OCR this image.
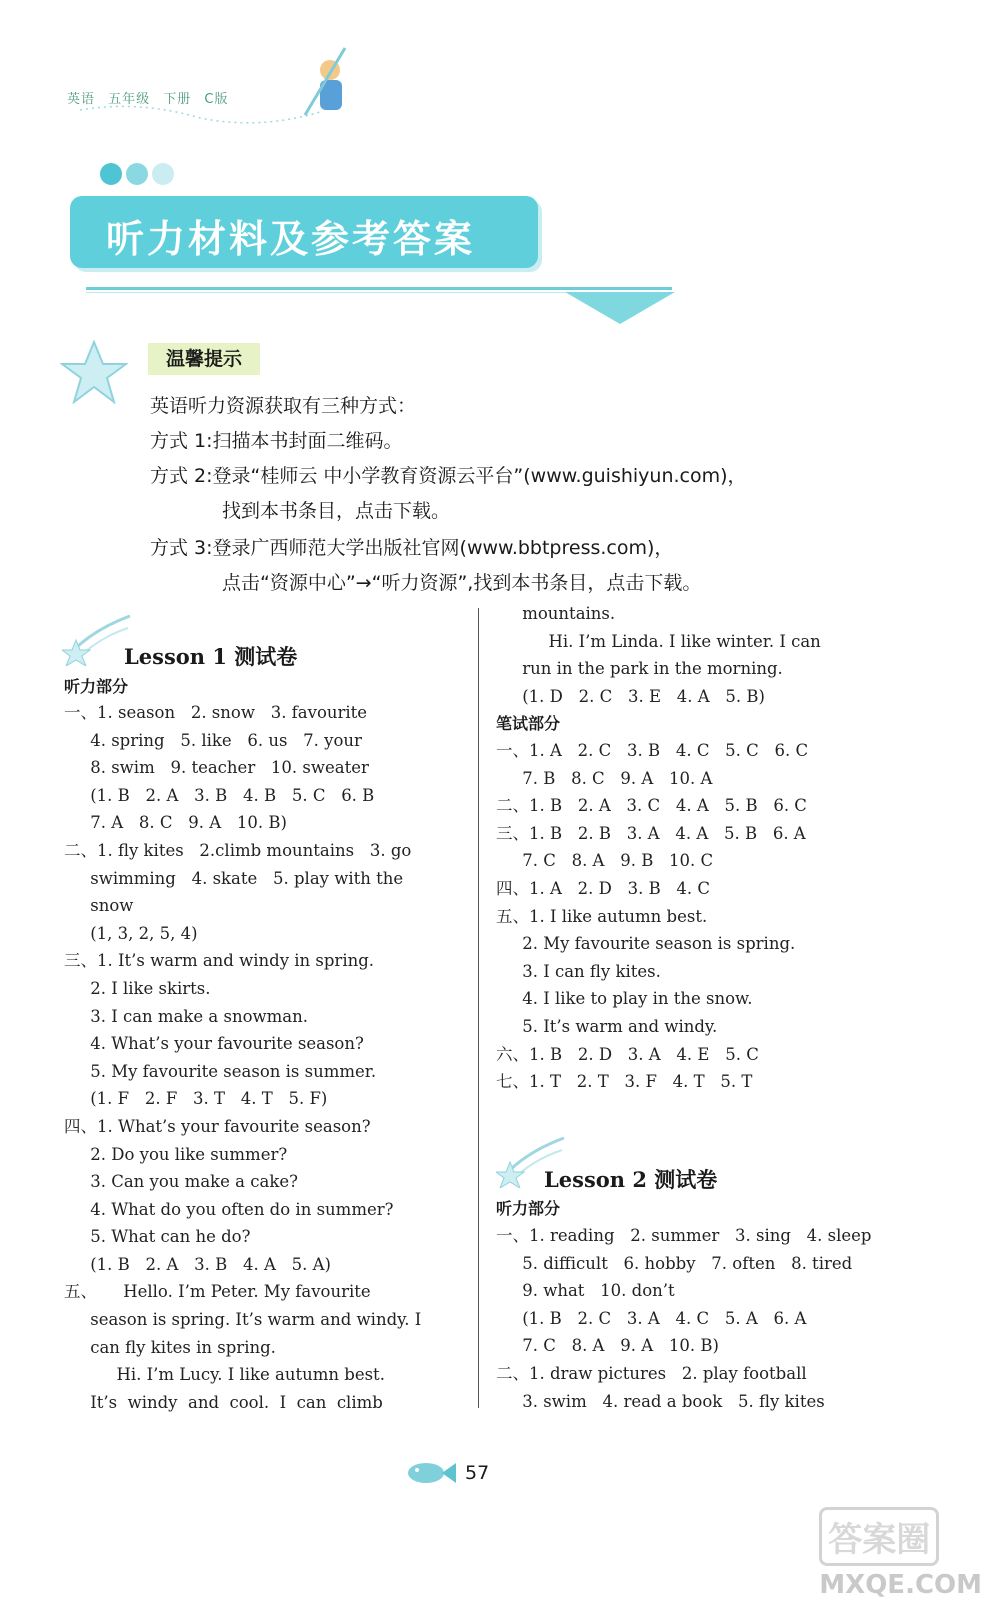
英语 五年级 下册 C版
听力材料及参考答案
温馨提示
英语听力资源获取有三种方式：
方式 1:扫描本书封面二维码。
方式 2:登录“桂师云 中小学教育资源云平台”(www.guishiyun.com)，
找到本书条目，点击下载。
方式 3:登录广西师范大学出版社官网(www.bbtpress.com)，
点击“资源中心”→“听力资源”,找到本书条目，点击下载。
Lesson 1 测试卷
听力部分
一、1. season   2. snow   3. favourite
4. spring   5. like   6. us   7. your
8. swim   9. teacher   10. sweater
(1. B   2. A   3. B   4. B   5. C   6. B
7. A   8. C   9. A   10. B)
二、1. fly kites   2.climb mountains   3. go
swimming   4. skate   5. play with the
snow
(1, 3, 2, 5, 4)
三、1. It’s warm and windy in spring.
2. I like skirts.
3. I can make a snowman.
4. What’s your favourite season?
5. My favourite season is summer.
(1. F   2. F   3. T   4. T   5. F)
四、1. What’s your favourite season?
2. Do you like summer?
3. Can you make a cake?
4. What do you often do in summer?
5. What can he do?
(1. B   2. A   3. B   4. A   5. A)
五、     Hello. I’m Peter. My favourite
season is spring. It’s warm and windy. I
can fly kites in spring.
Hi. I’m Lucy. I like autumn best.
It’s  windy  and  cool.  I  can  climb
mountains.
Hi. I’m Linda. I like winter. I can
run in the park in the morning.
(1. D   2. C   3. E   4. A   5. B)
笔试部分
一、1. A   2. C   3. B   4. C   5. C   6. C
7. B   8. C   9. A   10. A
二、1. B   2. A   3. C   4. A   5. B   6. C
三、1. B   2. B   3. A   4. A   5. B   6. A
7. C   8. A   9. B   10. C
四、1. A   2. D   3. B   4. C
五、1. I like autumn best.
2. My favourite season is spring.
3. I can fly kites.
4. I like to play in the snow.
5. It’s warm and windy.
六、1. B   2. D   3. A   4. E   5. C
七、1. T   2. T   3. F   4. T   5. T
Lesson 2 测试卷
听力部分
一、1. reading   2. summer   3. sing   4. sleep
5. difficult   6. hobby   7. often   8. tired
9. what   10. don’t
(1. B   2. C   3. A   4. C   5. A   6. A
7. C   8. A   9. A   10. B)
二、1. draw pictures   2. play football
3. swim   4. read a book   5. fly kites
57
答案圈
MXQE.COM
